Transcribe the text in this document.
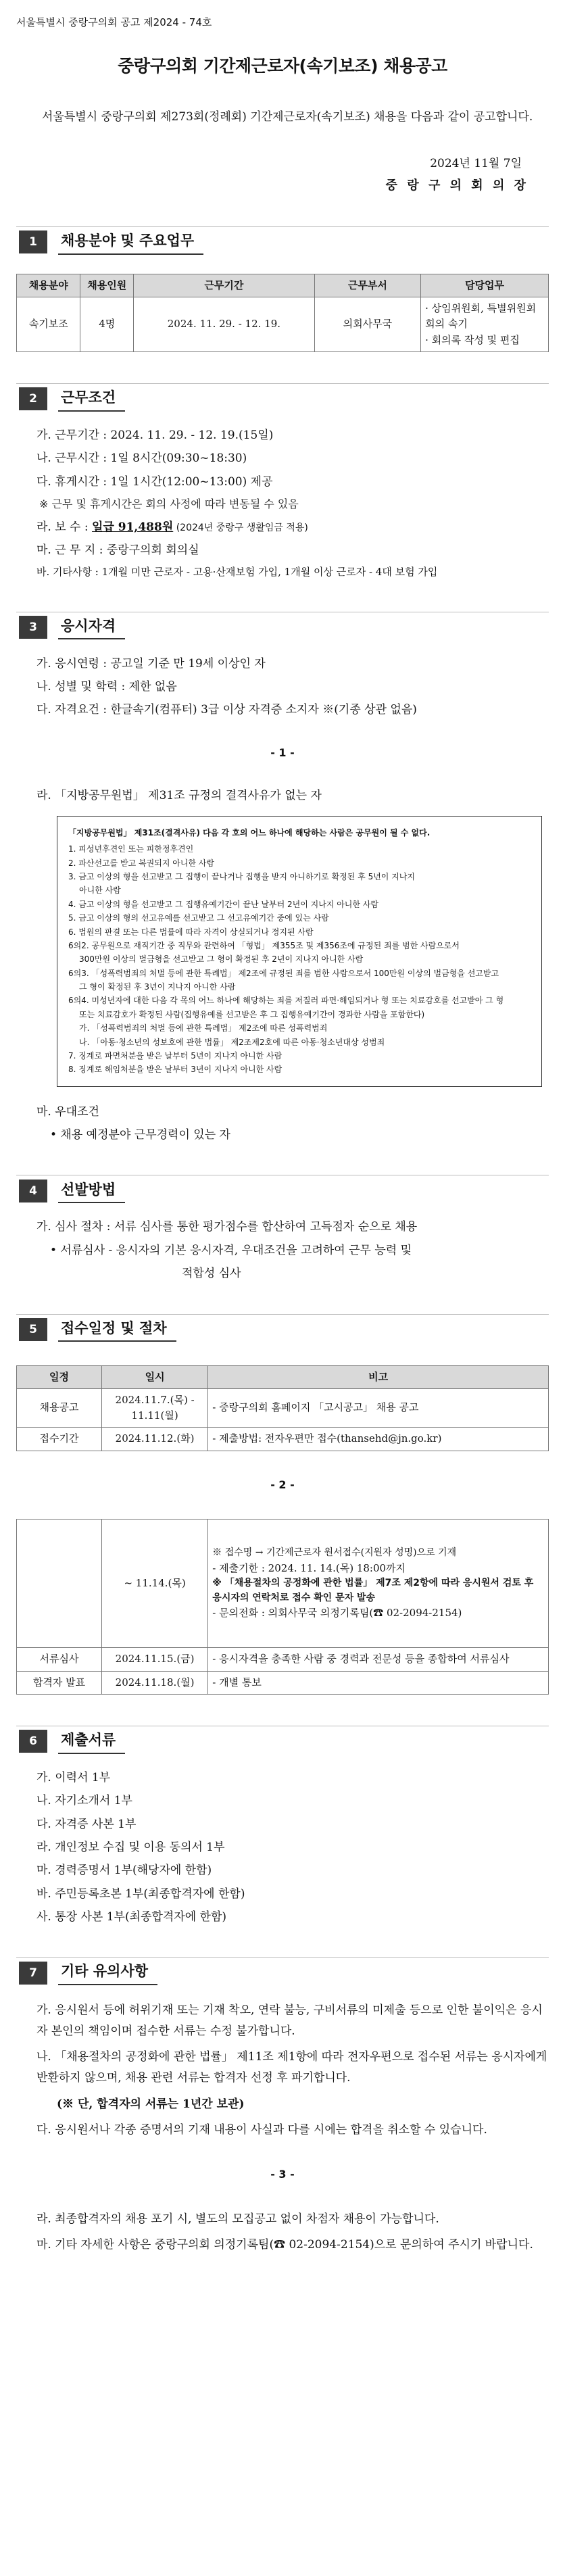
서울특별시 중랑구의회 공고 제2024 - 74호
중랑구의회 기간제근로자(속기보조) 채용공고
서울특별시 중랑구의회 제273회(정례회) 기간제근로자(속기보조) 채용을 다음과 같이 공고합니다.
2024년 11월 7일
중 랑 구 의 회 의 장
1	채용분야 및 주요업무
채용분야	채용인원	근무기간	근무부서	담당업무
속기보조	4명	2024. 11. 29. - 12. 19.	의회사무국	· 상임위원회, 특별위원회 회의 속기
· 회의록 작성 및 편집
2	근무조건
가. 근무기간 : 2024. 11. 29. - 12. 19.(15일)
나. 근무시간 : 1일 8시간(09:30~18:30)
다. 휴게시간 : 1일 1시간(12:00~13:00) 제공
※ 근무 및 휴게시간은 회의 사정에 따라 변동될 수 있음
라. 보 수 : 일급 91,488원 (2024년 중랑구 생활임금 적용)
마. 근 무 지 : 중랑구의회 회의실
바. 기타사항 : 1개월 미만 근로자 - 고용·산재보험 가입, 1개월 이상 근로자 - 4대 보험 가입
3	응시자격
가. 응시연령 : 공고일 기준 만 19세 이상인 자
나. 성별 및 학력 : 제한 없음
다. 자격요건 : 한글속기(컴퓨터) 3급 이상 자격증 소지자 ※(기종 상관 없음)
- 1 -
라. 「지방공무원법」 제31조 규정의 결격사유가 없는 자
「지방공무원법」 제31조(결격사유) 다음 각 호의 어느 하나에 해당하는 사람은 공무원이 될 수 없다.

1. 피성년후견인 또는 피한정후견인

2. 파산선고를 받고 복권되지 아니한 사람

3. 금고 이상의 형을 선고받고 그 집행이 끝나거나 집행을 받지 아니하기로 확정된 후 5년이 지나지

아니한 사람

4. 금고 이상의 형을 선고받고 그 집행유예기간이 끝난 날부터 2년이 지나지 아니한 사람

5. 금고 이상의 형의 선고유예를 선고받고 그 선고유예기간 중에 있는 사람

6. 법원의 판결 또는 다른 법률에 따라 자격이 상실되거나 정지된 사람

6의2. 공무원으로 재직기간 중 직무와 관련하여 「형법」 제355조 및 제356조에 규정된 죄를 범한 사람으로서

300만원 이상의 벌금형을 선고받고 그 형이 확정된 후 2년이 지나지 아니한 사람

6의3. 「성폭력범죄의 처벌 등에 관한 특례법」 제2조에 규정된 죄를 범한 사람으로서 100만원 이상의 벌금형을 선고받고

그 형이 확정된 후 3년이 지나지 아니한 사람

6의4. 미성년자에 대한 다음 각 목의 어느 하나에 해당하는 죄를 저질러 파면·해임되거나 형 또는 치료감호를 선고받아 그 형

또는 치료감호가 확정된 사람(집행유예를 선고받은 후 그 집행유예기간이 경과한 사람을 포함한다)

가. 「성폭력범죄의 처벌 등에 관한 특례법」 제2조에 따른 성폭력범죄

나. 「아동·청소년의 성보호에 관한 법률」 제2조제2호에 따른 아동·청소년대상 성범죄

7. 징계로 파면처분을 받은 날부터 5년이 지나지 아니한 사람

8. 징계로 해임처분을 받은 날부터 3년이 지나지 아니한 사람

마. 우대조건
• 채용 예정분야 근무경력이 있는 자
4	선발방법
가. 심사 절차 : 서류 심사를 통한 평가점수를 합산하여 고득점자 순으로 채용
• 서류심사 - 응시자의 기본 응시자격, 우대조건을 고려하여 근무 능력 및
적합성 심사
5	접수일정 및 절차
일정	일시	비고
채용공고	2024.11.7.(목) - 11.11(월)	- 중랑구의회 홈페이지 「고시공고」 채용 공고
접수기간	2024.11.12.(화)	- 제출방법: 전자우편만 접수(thansehd@jn.go.kr)
- 2 -
	~ 11.14.(목)	※ 접수명 → 기간제근로자 원서접수(지원자 성명)으로 기재
- 제출기한 : 2024. 11. 14.(목) 18:00까지
※ 「채용절차의 공정화에 관한 법률」 제7조 제2항에 따라 응시원서 검토 후 응시자의 연락처로 접수 확인 문자 발송
- 문의전화 : 의회사무국 의정기록팀(☎ 02-2094-2154)

서류심사	2024.11.15.(금)	- 응시자격을 충족한 사람 중 경력과 전문성 등을 종합하여 서류심사
합격자 발표	2024.11.18.(월)	- 개별 통보
6	제출서류
가. 이력서 1부
나. 자기소개서 1부
다. 자격증 사본 1부
라. 개인정보 수집 및 이용 동의서 1부
마. 경력증명서 1부(해당자에 한함)
바. 주민등록초본 1부(최종합격자에 한함)
사. 통장 사본 1부(최종합격자에 한함)
7	기타 유의사항
가. 응시원서 등에 허위기재 또는 기재 착오, 연락 불능, 구비서류의 미제출 등으로 인한 불이익은 응시자 본인의 책임이며 접수한 서류는 수정 불가합니다.
나. 「채용절차의 공정화에 관한 법률」 제11조 제1항에 따라 전자우편으로 접수된 서류는 응시자에게 반환하지 않으며, 채용 관련 서류는 합격자 선정 후 파기합니다.
(※ 단, 합격자의 서류는 1년간 보관)
다. 응시원서나 각종 증명서의 기재 내용이 사실과 다를 시에는 합격을 취소할 수 있습니다.
- 3 -
라. 최종합격자의 채용 포기 시, 별도의 모집공고 없이 차점자 채용이 가능합니다.
마. 기타 자세한 사항은 중랑구의회 의정기록팀(☎ 02-2094-2154)으로 문의하여 주시기 바랍니다.
